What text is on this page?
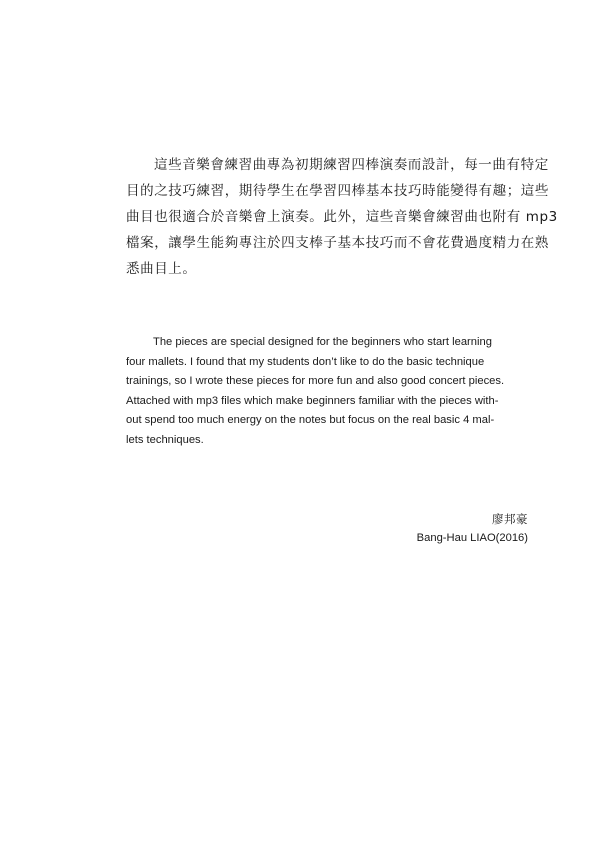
這些音樂會練習曲專為初期練習四棒演奏而設計，每一曲有特定
目的之技巧練習，期待學生在學習四棒基本技巧時能變得有趣；這些
曲目也很適合於音樂會上演奏。此外，這些音樂會練習曲也附有 mp3
檔案，讓學生能夠專注於四支棒子基本技巧而不會花費過度精力在熟
悉曲目上。
The pieces are special designed for the beginners who start learning
four mallets. I found that my students don’t like to do the basic technique
trainings, so I wrote these pieces for more fun and also good concert pieces.
Attached with mp3 files which make beginners familiar with the pieces with-
out spend too much energy on the notes but focus on the real basic 4 mal-
lets techniques.
廖邦豪
Bang-Hau LIAO(2016)
